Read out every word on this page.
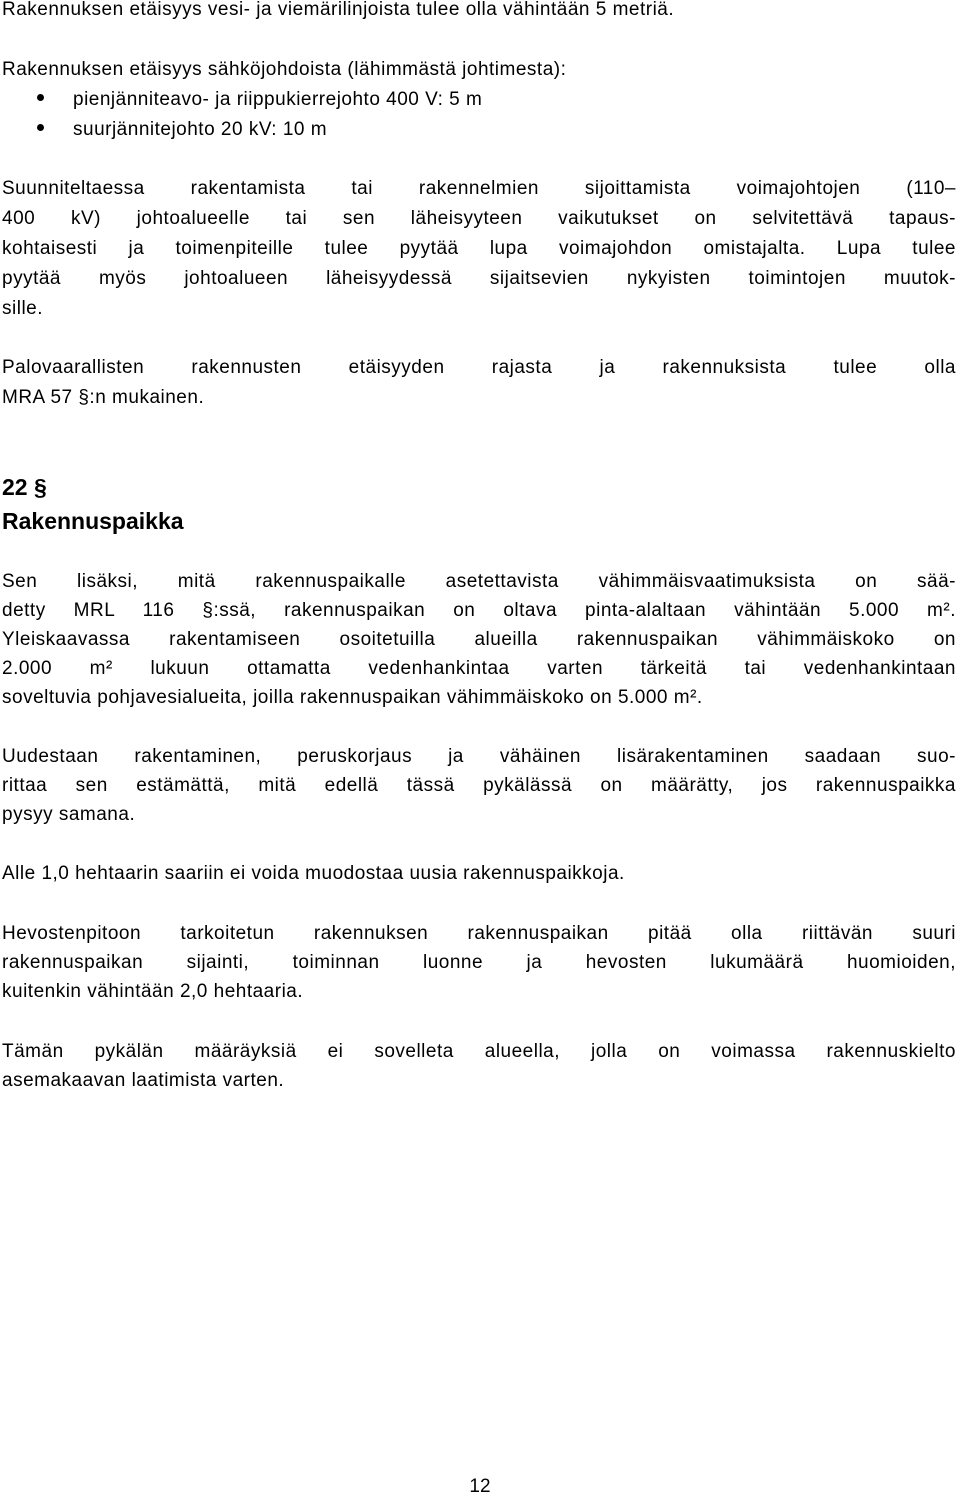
Rakennuksen etäisyys vesi- ja viemärilinjoista tulee olla vähintään 5 metriä.
Rakennuksen etäisyys sähköjohdoista (lähimmästä johtimesta):
pienjänniteavo- ja riippukierrejohto 400 V: 5 m
suurjännitejohto 20 kV: 10 m
Suunniteltaessa rakentamista tai rakennelmien sijoittamista voimajohtojen (110–
400 kV) johtoalueelle tai sen läheisyyteen vaikutukset on selvitettävä tapaus-
kohtaisesti ja toimenpiteille tulee pyytää lupa voimajohdon omistajalta. Lupa tulee
pyytää myös johtoalueen läheisyydessä sijaitsevien nykyisten toimintojen muutok-
sille.
Palovaarallisten rakennusten etäisyyden rajasta ja rakennuksista tulee olla
MRA 57 §:n mukainen.
22 §
Rakennuspaikka
Sen lisäksi, mitä rakennuspaikalle asetettavista vähimmäisvaatimuksista on sää-
detty MRL 116 §:ssä, rakennuspaikan on oltava pinta-alaltaan vähintään 5.000 m².
Yleiskaavassa rakentamiseen osoitetuilla alueilla rakennuspaikan vähimmäiskoko on
2.000 m² lukuun ottamatta vedenhankintaa varten tärkeitä tai vedenhankintaan
soveltuvia pohjavesialueita, joilla rakennuspaikan vähimmäiskoko on 5.000 m².
Uudestaan rakentaminen, peruskorjaus ja vähäinen lisärakentaminen saadaan suo-
rittaa sen estämättä, mitä edellä tässä pykälässä on määrätty, jos rakennuspaikka
pysyy samana.
Alle 1,0 hehtaarin saariin ei voida muodostaa uusia rakennuspaikkoja.
Hevostenpitoon tarkoitetun rakennuksen rakennuspaikan pitää olla riittävän suuri
rakennuspaikan sijainti, toiminnan luonne ja hevosten lukumäärä huomioiden,
kuitenkin vähintään 2,0 hehtaaria.
Tämän pykälän määräyksiä ei sovelleta alueella, jolla on voimassa rakennuskielto
asemakaavan laatimista varten.
12
